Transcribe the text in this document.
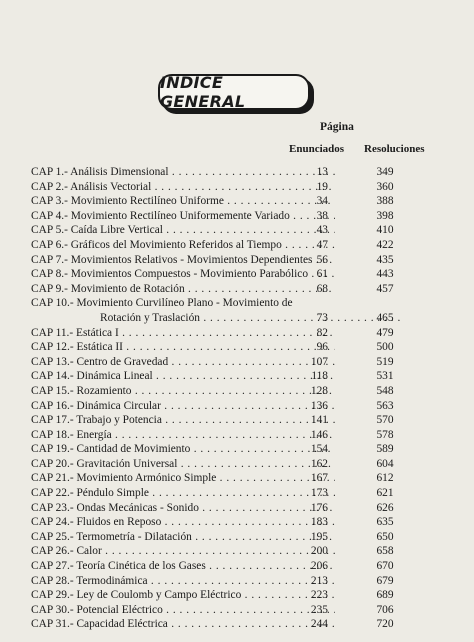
INDICE GENERAL
Página
Enunciados Resoluciones
CAP 1.- Análisis Dimensional . . .	13	349
CAP 2.- Análisis Vectorial . . .	19	360
CAP 3.- Movimiento Rectilíneo Uniforme . . .	34	388
CAP 4.- Movimiento Rectilíneo Uniformemente Variado . . .	38	398
CAP 5.- Caída Libre Vertical . . .	43	410
CAP 6.- Gráficos del Movimiento Referidos al Tiempo . . .	47	422
CAP 7.- Movimientos Relativos - Movimientos Dependientes . . . 56	435
CAP 8.- Movimientos Compuestos - Movimiento Parabólico . . . 61	443
CAP 9.- Movimiento de Rotación . . .	68	457
CAP 10.- Movimiento Curvilíneo Plano - Movimiento de
Rotación y Traslación . . .	73	465
CAP 11.- Estática I . . .	82	479
CAP 12.- Estática II . . .	96	500
CAP 13.- Centro de Gravedad . . .	107	519
CAP 14.- Dinámica Lineal . . .	118	531
CAP 15.- Rozamiento . . .	128	548
CAP 16.- Dinámica Circular . . .	136	563
CAP 17.- Trabajo y Potencia . . .	141	570
CAP 18.- Energía . . .	146	578
CAP 19.- Cantidad de Movimiento . . .	154	589
CAP 20.- Gravitación Universal . . .	162	604
CAP 21.- Movimiento Armónico Simple . . .	167	612
CAP 22.- Péndulo Simple . . .	173	621
CAP 23.- Ondas Mecánicas - Sonido . . .	176	626
CAP 24.- Fluidos en Reposo . . .	183	635
CAP 25.- Termometría - Dilatación . . .	195	650
CAP 26.- Calor . . .	200	658
CAP 27.- Teoría Cinética de los Gases . . .	206	670
CAP 28.- Termodinámica . . .	213	679
CAP 29.- Ley de Coulomb y Campo Eléctrico . . .	223	689
CAP 30.- Potencial Eléctrico . . .	235	706
CAP 31.- Capacidad Eléctrica . . .	244	720
